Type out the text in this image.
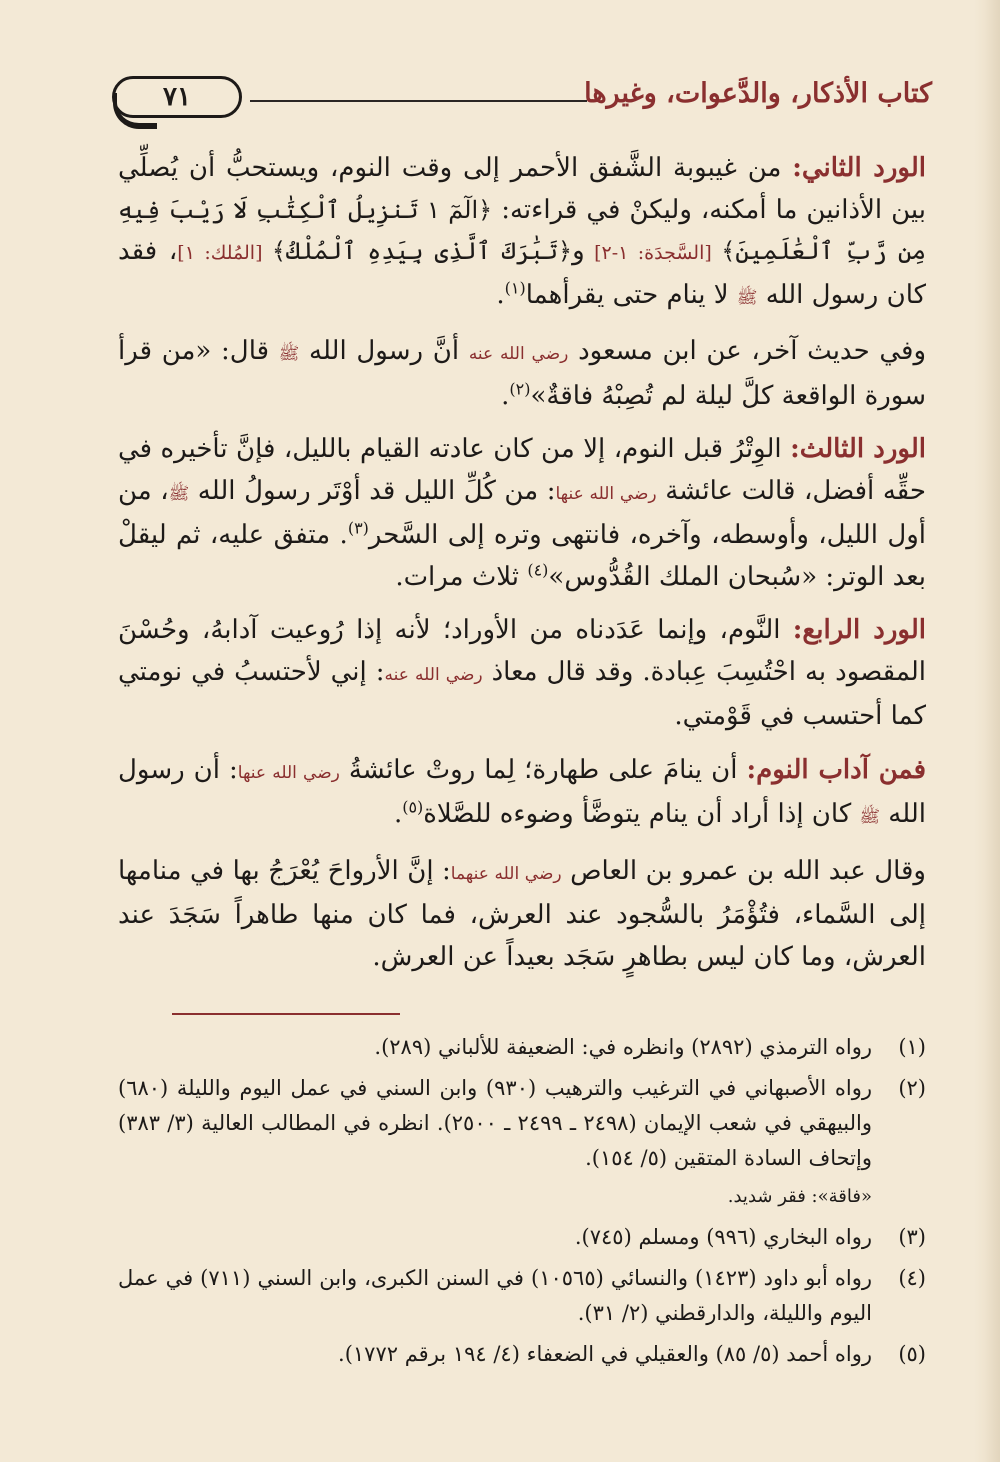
كتاب الأذكار، والدَّعوات، وغيرها
٧١

الورد الثاني: من غيبوبة الشَّفق الأحمر إلى وقت النوم، ويستحبُّ أن يُصلِّي بين الأذانين ما أمكنه، وليكنْ في قراءته: ﴿الٓمٓ ١ تَنزِيلُ ٱلْكِتَٰبِ لَا رَيْبَ فِيهِ مِن رَّبِّ ٱلْعَٰلَمِينَ﴾ [السَّجدَة: ١-٢] و﴿تَبَٰرَكَ ٱلَّذِى بِيَدِهِ ٱلْمُلْكُ﴾ [المُلك: ١]، فقد كان رسول الله ﷺ لا ينام حتى يقرأهما$^{(١)}$.

وفي حديث آخر، عن ابن مسعود رضي الله عنه أنَّ رسول الله ﷺ قال: «من قرأ سورة الواقعة كلَّ ليلة لم تُصِبْهُ فاقةٌ»$^{(٢)}$.

الورد الثالث: الوِتْرُ قبل النوم، إلا من كان عادته القيام بالليل، فإنَّ تأخيره في حقِّه أفضل، قالت عائشة رضي الله عنها: من كُلِّ الليل قد أوْتَر رسولُ الله ﷺ، من أول الليل، وأوسطه، وآخره، فانتهى وتره إلى السَّحر$^{(٣)}$. متفق عليه، ثم ليقلْ بعد الوتر: «سُبحان الملك القُدُّوس»$^{(٤)}$ ثلاث مرات.

الورد الرابع: النَّوم، وإنما عَدَدناه من الأوراد؛ لأنه إذا رُوعيت آدابهُ، وحُسْنَ المقصود به احْتُسِبَ عِبادة. وقد قال معاذ رضي الله عنه: إني لأحتسبُ في نومتي كما أحتسب في قَوْمتي.

فمن آداب النوم: أن ينامَ على طهارة؛ لِما روتْ عائشةُ رضي الله عنها: أن رسول الله ﷺ كان إذا أراد أن ينام يتوضَّأ وضوءه للصَّلاة$^{(٥)}$.

وقال عبد الله بن عمرو بن العاص رضي الله عنهما: إنَّ الأرواحَ يُعْرَجُ بها في منامها إلى السَّماء، فتُؤْمَرُ بالسُّجود عند العرش، فما كان منها طاهراً سَجَدَ عند العرش، وما كان ليس بطاهرٍ سَجَد بعيداً عن العرش.

(١)
رواه الترمذي (٢٨٩٢) وانظره في: الضعيفة للألباني (٢٨٩).
(٢)
رواه الأصبهاني في الترغيب والترهيب (٩٣٠) وابن السني في عمل اليوم والليلة (٦٨٠) والبيهقي في شعب الإيمان (٢٤٩٨ ـ ٢٤٩٩ ـ ٢٥٠٠). انظره في المطالب العالية (٣/ ٣٨٣) وإتحاف السادة المتقين (٥/ ١٥٤).

«فاقة»: فقر شديد.

(٣)
رواه البخاري (٩٩٦) ومسلم (٧٤٥).
(٤)
رواه أبو داود (١٤٢٣) والنسائي (١٠٥٦٥) في السنن الكبرى، وابن السني (٧١١) في عمل اليوم والليلة، والدارقطني (٢/ ٣١).
(٥)
رواه أحمد (٥/ ٨٥) والعقيلي في الضعفاء (٤/ ١٩٤ برقم ١٧٧٢).
